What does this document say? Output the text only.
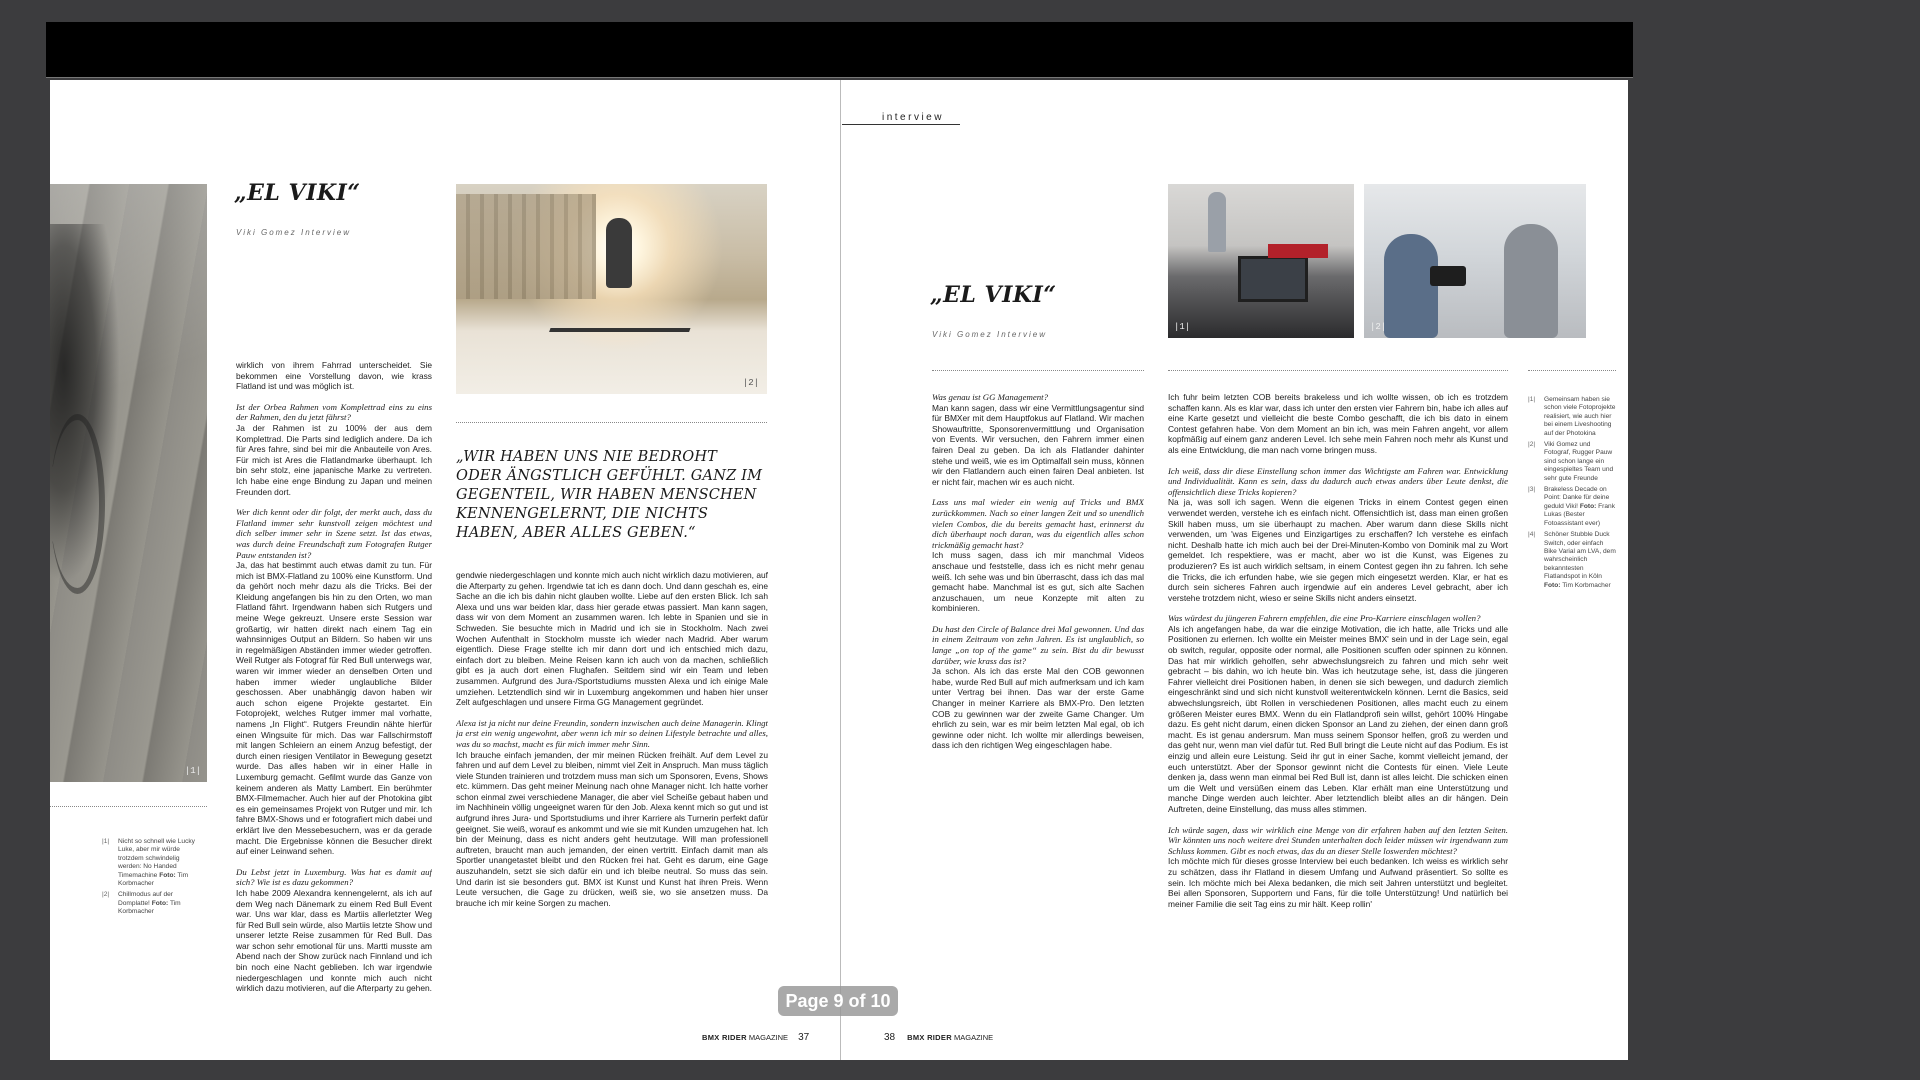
|1|
„EL VIKI“
Viki Gomez Interview
|2|
„WIR HABEN UNS NIE BEDROHT ODER ÄNGSTLICH GEFÜHLT. GANZ IM GEGENTEIL, WIR HABEN MENSCHEN KENNENGELERNT, DIE NICHTS HABEN, ABER ALLES GEBEN.“

wirklich von ihrem Fahrrad unterscheidet. Sie bekommen eine Vorstellung davon, wie krass Flatland ist und was möglich ist.

Ist der Orbea Rahmen vom Komplettrad eins zu eins der Rahmen, den du jetzt fährst?
Ja der Rahmen ist zu 100% der aus dem Komplettrad. Die Parts sind lediglich andere. Da ich für Ares fahre, sind bei mir die Anbauteile von Ares. Für mich ist Ares die Flatlandmarke überhaupt. Ich bin sehr stolz, eine japanische Marke zu vertreten. Ich habe eine enge Bindung zu Japan und meinen Freunden dort.

Wer dich kennt oder dir folgt, der merkt auch, dass du Flatland immer sehr kunstvoll zeigen möchtest und dich selber immer sehr in Szene setzt. Ist das etwas, was durch deine Freundschaft zum Fotografen Rutger Pauw entstanden ist?
Ja, das hat bestimmt auch etwas damit zu tun. Für mich ist BMX-Flatland zu 100% eine Kunstform. Und da gehört noch mehr dazu als die Tricks. Bei der Kleidung angefangen bis hin zu den Orten, wo man Flatland fährt. Irgendwann haben sich Rutgers und meine Wege gekreuzt. Unsere erste Session war großartig, wir hatten direkt nach einem Tag ein wahnsinniges Output an Bildern. So haben wir uns in regelmäßigen Abständen immer wieder getroffen. Weil Rutger als Fotograf für Red Bull unterwegs war, waren wir immer wieder an denselben Orten und haben immer wieder unglaubliche Bilder geschossen. Aber unabhängig davon haben wir auch schon eigene Projekte gestartet. Ein Fotoprojekt, welches Rutger immer mal vorhatte, namens „In Flight“. Rutgers Freundin nähte hierfür einen Wingsuite für mich. Das war Fallschirmstoff mit langen Schleiern an einem Anzug befestigt, der durch einen riesigen Ventilator in Bewegung gesetzt wurde. Das alles haben wir in einer Halle in Luxemburg gemacht. Gefilmt wurde das Ganze von keinem anderen als Matty Lambert. Ein berühmter BMX-Filmemacher. Auch hier auf der Photokina gibt es ein gemeinsames Projekt von Rutger und mir. Ich fahre BMX-Shows und er fotografiert mich dabei und erklärt live den Messebesuchern, was er da gerade macht. Die Ergebnisse können die Besucher direkt auf einer Leinwand sehen.

Du Lebst jetzt in Luxemburg. Was hat es damit auf sich? Wie ist es dazu gekommen?
Ich habe 2009 Alexandra kennengelernt, als ich auf dem Weg nach Dänemark zu einem Red Bull Event war. Uns war klar, dass es Martiis allerletzter Weg für Red Bull sein würde, also Martiis letzte Show und unserer letzte Reise zusammen für Red Bull. Das war schon sehr emotional für uns. Martti musste am Abend nach der Show zurück nach Finnland und ich bin noch eine Nacht geblieben. Ich war irgendwie niedergeschlagen und konnte mich auch nicht wirklich dazu motivieren, auf die Afterparty zu gehen.

gendwie niedergeschlagen und konnte mich auch nicht wirklich dazu motivieren, auf die Afterparty zu gehen. Irgendwie tat ich es dann doch. Und dann geschah es, eine Sache an die ich bis dahin nicht glauben wollte. Liebe auf den ersten Blick. Ich sah Alexa und uns war beiden klar, dass hier gerade etwas passiert. Man kann sagen, dass wir von dem Moment an zusammen waren. Ich lebte in Spanien und sie in Schweden. Sie besuchte mich in Madrid und ich sie in Stockholm. Nach zwei Wochen Aufenthalt in Stockholm musste ich wieder nach Madrid. Aber warum eigentlich. Diese Frage stellte ich mir dann dort und ich entschied mich dazu, einfach dort zu bleiben. Meine Reisen kann ich auch von da machen, schließlich gibt es ja auch dort einen Flughafen. Seitdem sind wir ein Team und leben zusammen. Aufgrund des Jura-/Sportstudiums mussten Alexa und ich einige Male umziehen. Letztendlich sind wir in Luxemburg angekommen und haben hier unser Zelt aufgeschlagen und unsere Firma GG Management gegründet.

Alexa ist ja nicht nur deine Freundin, sondern inzwischen auch deine Managerin. Klingt ja erst ein wenig ungewohnt, aber wenn ich mir so deinen Lifestyle betrachte und alles, was du so machst, macht es für mich immer mehr Sinn.
Ich brauche einfach jemanden, der mir meinen Rücken freihält. Auf dem Level zu fahren und auf dem Level zu bleiben, nimmt viel Zeit in Anspruch. Man muss täglich viele Stunden trainieren und trotzdem muss man sich um Sponsoren, Evens, Shows etc. kümmern. Das geht meiner Meinung nach ohne Manager nicht. Ich hatte vorher schon einmal zwei verschiedene Manager, die aber viel Scheiße gebaut haben und im Nachhinein völlig ungeeignet waren für den Job. Alexa kennt mich so gut und ist aufgrund ihres Jura- und Sportstudiums und ihrer Karriere als Turnerin perfekt dafür geeignet. Sie weiß, worauf es ankommt und wie sie mit Kunden umzugehen hat. Ich bin der Meinung, dass es nicht anders geht heutzutage. Will man professionell auftreten, braucht man auch jemanden, der einen vertritt. Einfach damit man als Sportler unangetastet bleibt und den Rücken frei hat. Geht es darum, eine Gage auszuhandeln, setzt sie sich dafür ein und ich bleibe neutral. So muss das sein. Und darin ist sie besonders gut. BMX ist Kunst und Kunst hat ihren Preis. Wenn Leute versuchen, die Gage zu drücken, weiß sie, wo sie ansetzen muss. Da brauche ich mir keine Sorgen zu machen.

|1|	Nicht so schnell wie Lucky Luke, aber mir würde trotzdem schwindelig werden: No Handed Timemachine Foto: Tim Korbmacher
|2|	Chillmodus auf der Domplatte! Foto: Tim Korbmacher
BMX RIDER MAGAZINE 37
interview
„EL VIKI“
Viki Gomez Interview
|1|	|2|

Was genau ist GG Management?
Man kann sagen, dass wir eine Vermittlungsagentur sind für BMXer mit dem Hauptfokus auf Flatland. Wir machen Showauftritte, Sponsorenvermittlung und Organisation von Events. Wir versuchen, den Fahrern immer einen fairen Deal zu geben. Da ich als Flatlander dahinter stehe und weiß, wie es im Optimalfall sein muss, können wir den Flatlandern auch einen fairen Deal anbieten. Ist er nicht fair, machen wir es auch nicht.

Lass uns mal wieder ein wenig auf Tricks und BMX zurückkommen. Nach so einer langen Zeit und so unendlich vielen Combos, die du bereits gemacht hast, erinnerst du dich überhaupt noch daran, was du eigentlich alles schon trickmäßig gemacht hast?
Ich muss sagen, dass ich mir manchmal Videos anschaue und feststelle, dass ich es nicht mehr genau weiß. Ich sehe was und bin überrascht, dass ich das mal gemacht habe. Manchmal ist es gut, sich alte Sachen anzuschauen, um neue Konzepte mit alten zu kombinieren.

Du hast den Circle of Balance drei Mal gewonnen. Und das in einem Zeitraum von zehn Jahren. Es ist unglaublich, so lange „on top of the game“ zu sein. Bist du dir bewusst darüber, wie krass das ist?
Ja schon. Als ich das erste Mal den COB gewonnen habe, wurde Red Bull auf mich aufmerksam und ich kam unter Vertrag bei ihnen. Das war der erste Game Changer in meiner Karriere als BMX-Pro. Den letzten COB zu gewinnen war der zweite Game Changer. Um ehrlich zu sein, war es mir beim letzten Mal egal, ob ich gewinne oder nicht. Ich wollte mir allerdings beweisen, dass ich den richtigen Weg eingeschlagen habe.

Ich fuhr beim letzten COB bereits brakeless und ich wollte wissen, ob ich es trotzdem schaffen kann. Als es klar war, dass ich unter den ersten vier Fahrern bin, habe ich alles auf eine Karte gesetzt und vielleicht die beste Combo geschafft, die ich bis dato in einem Contest gefahren habe. Von dem Moment an bin ich, was mein Fahren angeht, vor allem kopfmäßig auf einem ganz anderen Level. Ich sehe mein Fahren noch mehr als Kunst und als eine Entwicklung, die man nach vorne bringen muss.

Ich weiß, dass dir diese Einstellung schon immer das Wichtigste am Fahren war. Entwicklung und Individualität. Kann es sein, dass du dadurch auch etwas anders über Leute denkst, die offensichtlich diese Tricks kopieren?
Na ja, was soll ich sagen. Wenn die eigenen Tricks in einem Contest gegen einen verwendet werden, verstehe ich es einfach nicht. Offensichtlich ist, dass man einen großen Skill haben muss, um sie überhaupt zu machen. Aber warum dann diese Skills nicht verwenden, um 'was Eigenes und Einzigartiges zu erschaffen? Ich verstehe es einfach nicht. Deshalb hatte ich mich auch bei der Drei-Minuten-Kombo von Dominik mal zu Wort gemeldet. Ich respektiere, was er macht, aber wo ist die Kunst, was Eigenes zu produzieren? Es ist auch wirklich seltsam, in einem Contest gegen ihn zu fahren. Ich sehe die Tricks, die ich erfunden habe, wie sie gegen mich eingesetzt werden. Klar, er hat es durch sein sicheres Fahren auch irgendwie auf ein anderes Level gebracht, aber ich verstehe trotzdem nicht, wieso er seine Skills nicht anders einsetzt.

Was würdest du jüngeren Fahrern empfehlen, die eine Pro-Karriere einschlagen wollen?
Als ich angefangen habe, da war die einzige Motivation, die ich hatte, alle Tricks und alle Positionen zu erlernen. Ich wollte ein Meister meines BMX' sein und in der Lage sein, egal ob switch, regular, opposite oder normal, alle Positionen scuffen oder spinnen zu können. Das hat mir wirklich geholfen, sehr abwechslungsreich zu fahren und mich sehr weit gebracht – bis dahin, wo ich heute bin. Was ich heutzutage sehe, ist, dass die jüngeren Fahrer vielleicht drei Positionen haben, in denen sie sich bewegen, und dadurch ziemlich eingeschränkt sind und sich nicht kunstvoll weiterentwickeln können. Lernt die Basics, seid abwechslungsreich, übt Rollen in verschiedenen Positionen, alles macht euch zu einem größeren Meister eures BMX. Wenn du ein Flatlandprofi sein willst, gehört 100% Hingabe dazu. Es geht nicht darum, einen dicken Sponsor an Land zu ziehen, der einen dann groß macht. Es ist genau andersrum. Man muss seinem Sponsor helfen, groß zu werden und das geht nur, wenn man viel dafür tut. Red Bull bringt die Leute nicht auf das Podium. Es ist einzig und allein eure Leistung. Seid ihr gut in einer Sache, kommt vielleicht jemand, der euch unterstützt. Aber der Sponsor gewinnt nicht die Contests für einen. Viele Leute denken ja, dass wenn man einmal bei Red Bull ist, dann ist alles leicht. Die schicken einen um die Welt und versüßen einem das Leben. Klar erhält man eine Unterstützung und manche Dinge werden auch leichter. Aber letztendlich bleibt alles an dir hängen. Dein Auftreten, deine Einstellung, das muss alles stimmen.

Ich würde sagen, dass wir wirklich eine Menge von dir erfahren haben auf den letzten Seiten. Wir könnten uns noch weitere drei Stunden unterhalten doch leider müssen wir irgendwann zum Schluss kommen. Gibt es noch etwas, das du an dieser Stelle loswerden möchtest?
Ich möchte mich für dieses grosse Interview bei euch bedanken. Ich weiss es wirklich sehr zu schätzen, dass ihr Flatland in diesem Umfang und Aufwand präsentiert. So sollte es sein. Ich möchte mich bei Alexa bedanken, die mich seit Jahren unterstützt und begleitet. Bei allen Sponsoren, Supportern und Fans, für die tolle Unterstützung! Und natürlich bei meiner Familie die seit Tag eins zu mir hält. Keep rollin'

|1|	Gemeinsam haben sie schon viele Fotoprojekte realisiert, wie auch hier bei einem Liveshooting auf der Photokina
|2|	Viki Gomez und Fotograf, Rugger Pauw sind schon lange ein eingespieltes Team und sehr gute Freunde
|3|	Brakeless Decade on Point: Danke für deine geduld Viki! Foto: Frank Lukas (Bester Fotoassistant ever)
|4|	Schöner Stubble Duck Switch, oder einfach Bike Varial am LVA, dem wahrscheinlich bekanntesten Flatlandspot in Köln Foto: Tim Korbmacher
38 BMX RIDER MAGAZINE
Page 9 of 10
